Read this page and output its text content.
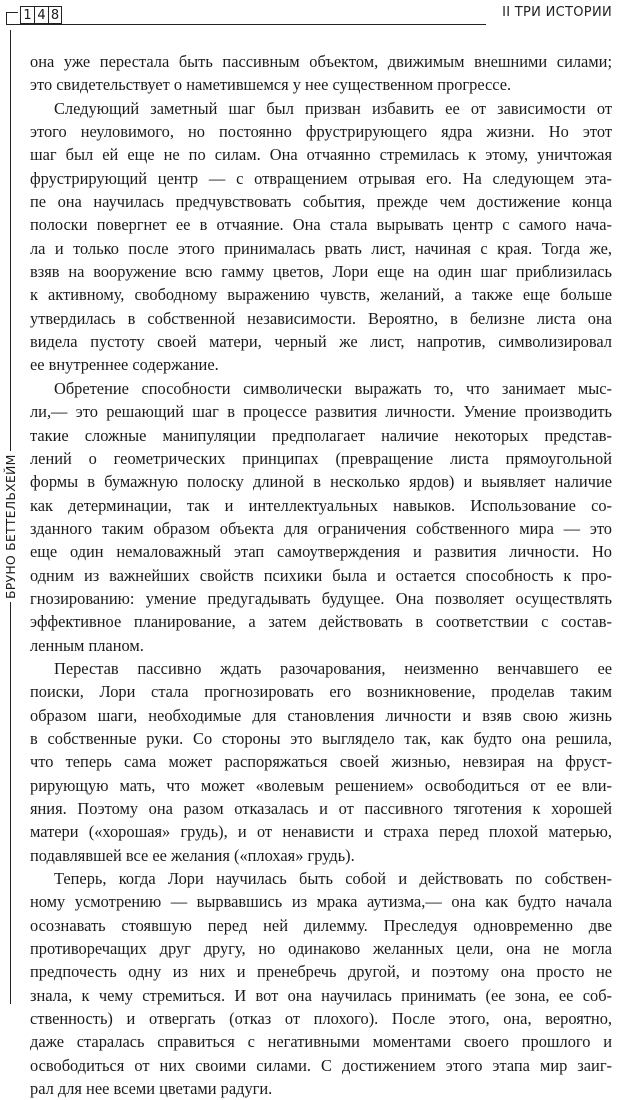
1 4 8	II ТРИ ИСТОРИИ
БРУНО БЕТТЕЛЬХЕЙМ
она уже перестала быть пассивным объектом, движимым внешними силами;
это свидетельствует о наметившемся у нее существенном прогрессе.
Следующий заметный шаг был призван избавить ее от зависимости от
этого неуловимого, но постоянно фрустрирующего ядра жизни. Но этот
шаг был ей еще не по силам. Она отчаянно стремилась к этому, уничтожая
фрустрирующий центр — с отвращением отрывая его. На следующем эта-
пе она научилась предчувствовать события, прежде чем достижение конца
полоски повергнет ее в отчаяние. Она стала вырывать центр с самого нача-
ла и только после этого принималась рвать лист, начиная с края. Тогда же,
взяв на вооружение всю гамму цветов, Лори еще на один шаг приблизилась
к активному, свободному выражению чувств, желаний, а также еще больше
утвердилась в собственной независимости. Вероятно, в белизне листа она
видела пустоту своей матери, черный же лист, напротив, символизировал
ее внутреннее содержание.
Обретение способности символически выражать то, что занимает мыс-
ли,— это решающий шаг в процессе развития личности. Умение производить
такие сложные манипуляции предполагает наличие некоторых представ-
лений о геометрических принципах (превращение листа прямоугольной
формы в бумажную полоску длиной в несколько ярдов) и выявляет наличие
как детерминации, так и интеллектуальных навыков. Использование со-
зданного таким образом объекта для ограничения собственного мира — это
еще один немаловажный этап самоутверждения и развития личности. Но
одним из важнейших свойств психики была и остается способность к про-
гнозированию: умение предугадывать будущее. Она позволяет осуществлять
эффективное планирование, а затем действовать в соответствии с состав-
ленным планом.
Перестав пассивно ждать разочарования, неизменно венчавшего ее
поиски, Лори стала прогнозировать его возникновение, проделав таким
образом шаги, необходимые для становления личности и взяв свою жизнь
в собственные руки. Со стороны это выглядело так, как будто она решила,
что теперь сама может распоряжаться своей жизнью, невзирая на фруст-
рирующую мать, что может «волевым решением» освободиться от ее вли-
яния. Поэтому она разом отказалась и от пассивного тяготения к хорошей
матери («хорошая» грудь), и от ненависти и страха перед плохой матерью,
подавлявшей все ее желания («плохая» грудь).
Теперь, когда Лори научилась быть собой и действовать по собствен-
ному усмотрению — вырвавшись из мрака аутизма,— она как будто начала
осознавать стоявшую перед ней дилемму. Преследуя одновременно две
противоречащих друг другу, но одинаково желанных цели, она не могла
предпочесть одну из них и пренебречь другой, и поэтому она просто не
знала, к чему стремиться. И вот она научилась принимать (ее зона, ее соб-
ственность) и отвергать (отказ от плохого). После этого, она, вероятно,
даже старалась справиться с негативными моментами своего прошлого и
освободиться от них своими силами. С достижением этого этапа мир заиг-
рал для нее всеми цветами радуги.
